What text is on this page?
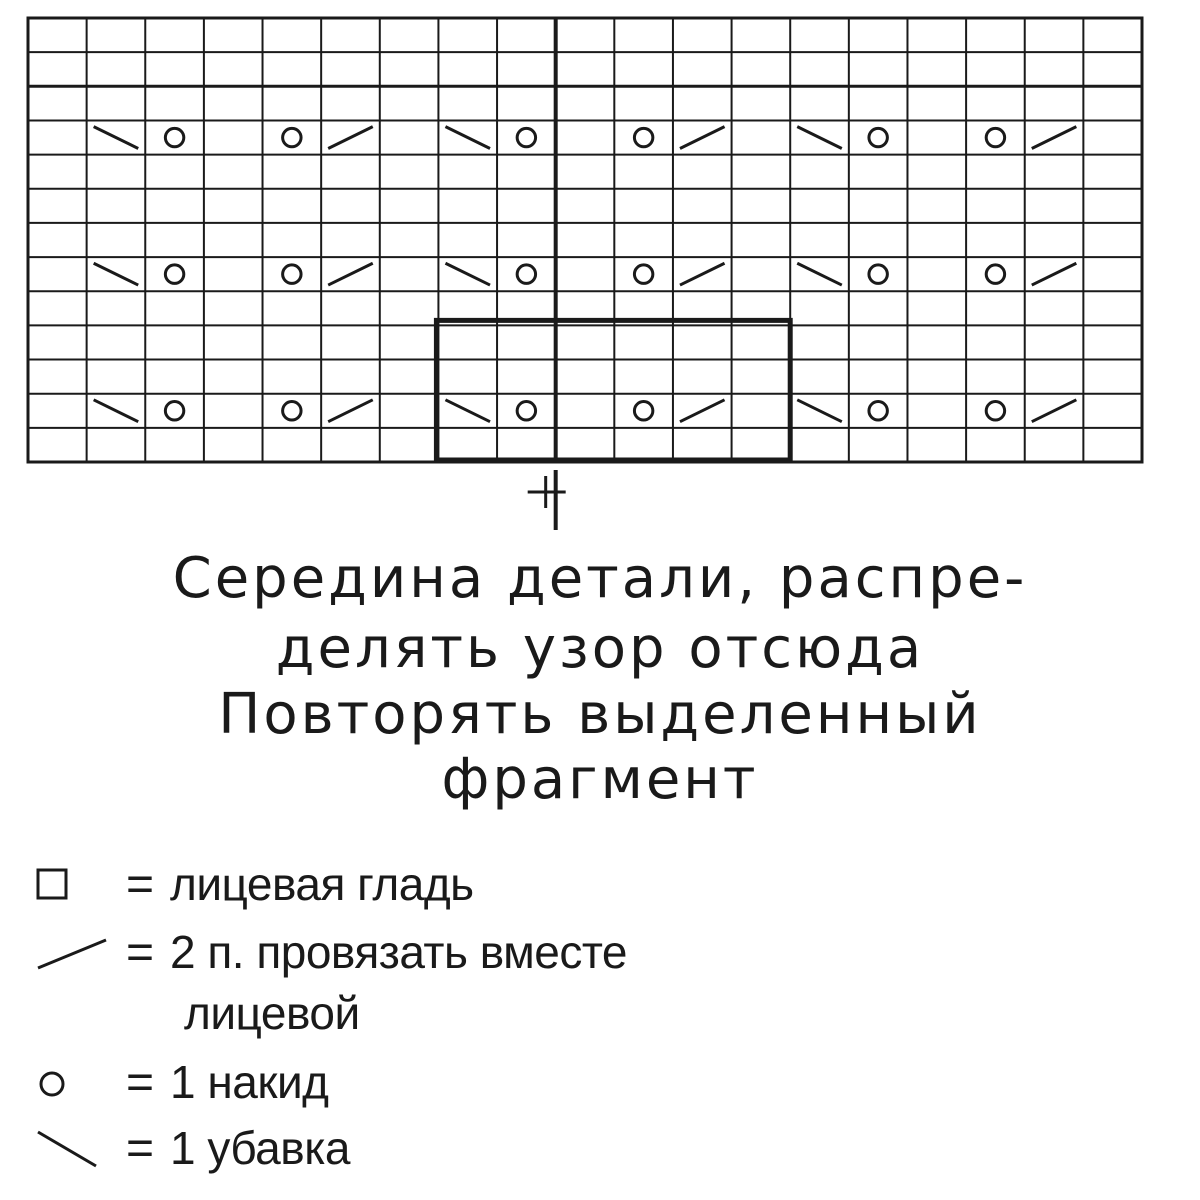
Середина детали, распре-
делять узор отсюда
Повторять выделенный
фрагмент
= лицевая гладь
= 2 п. провязать вместе
лицевой
= 1 накид
= 1 убавка
